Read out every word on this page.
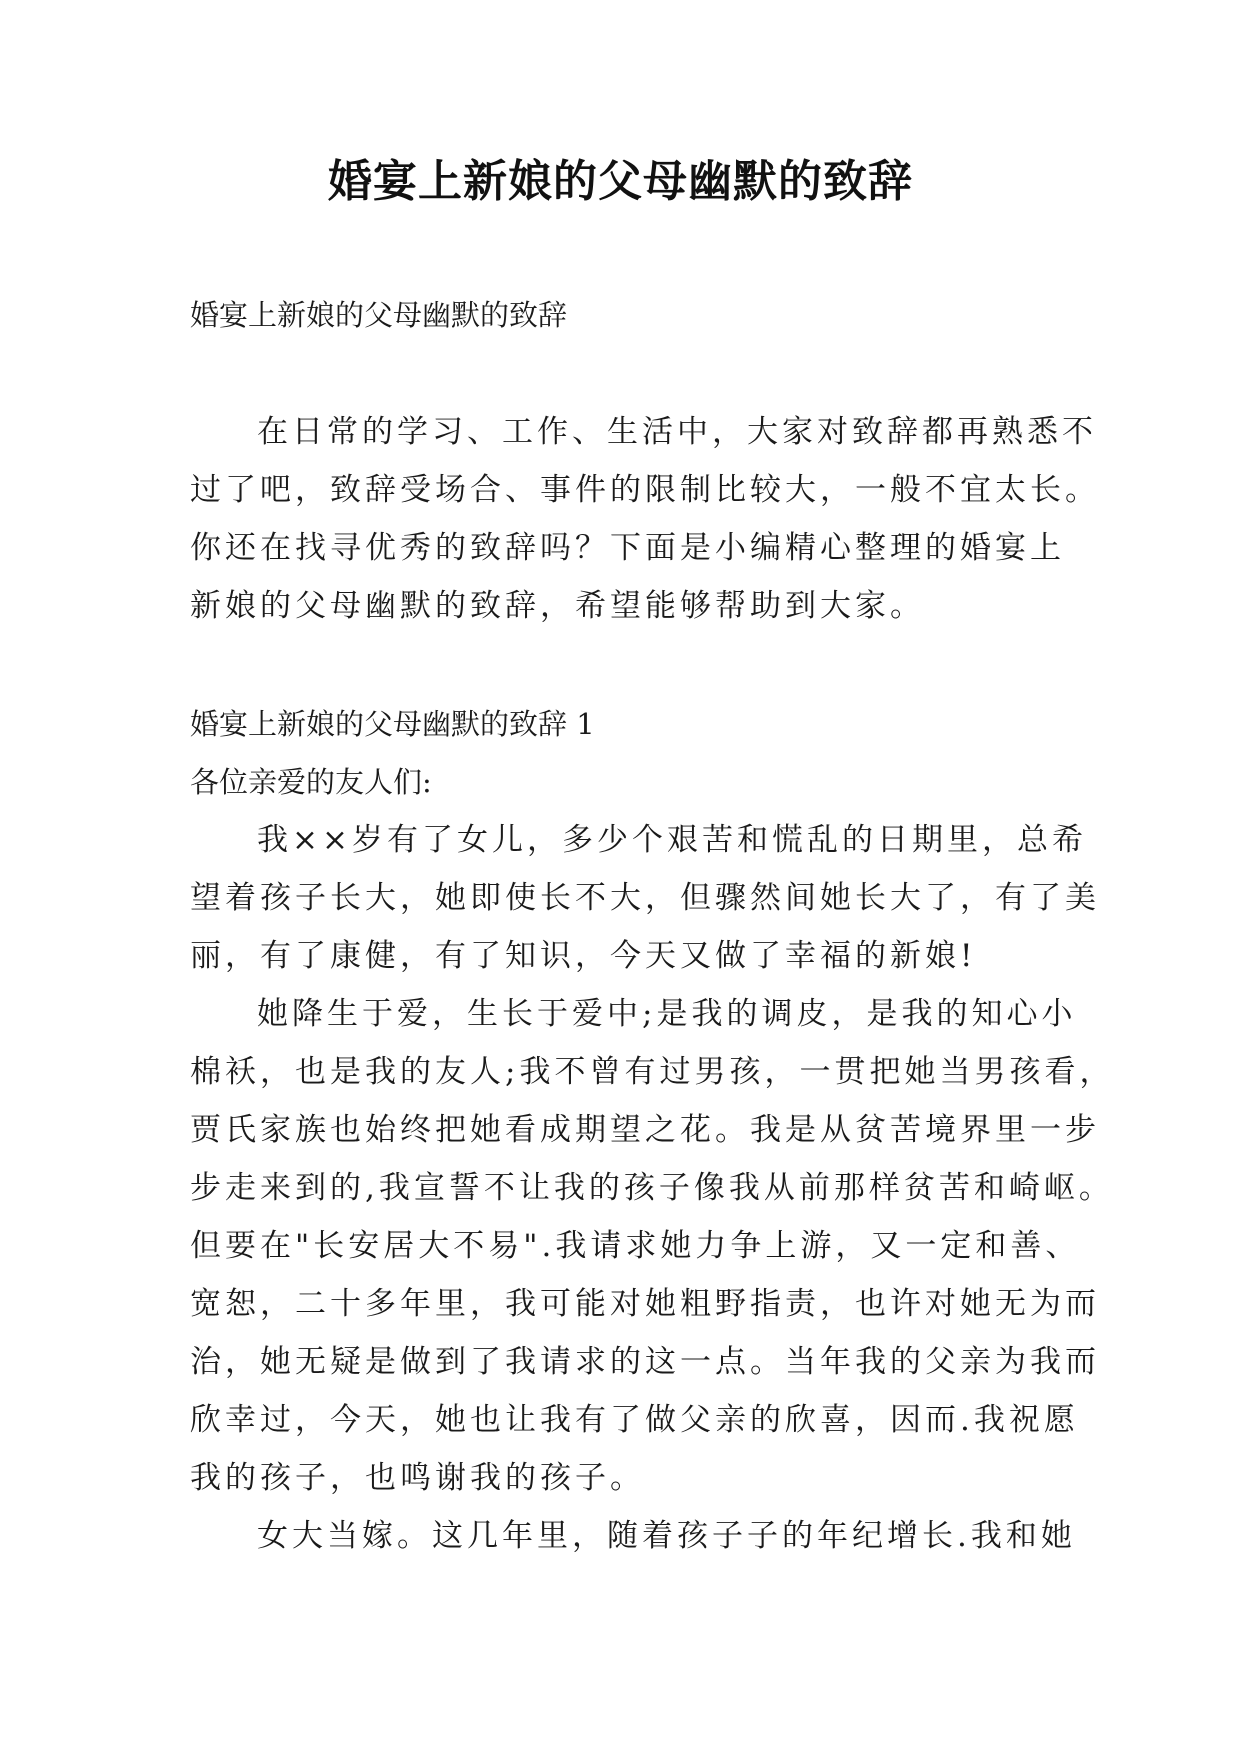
婚宴上新娘的父母幽默的致辞
婚宴上新娘的父母幽默的致辞
在日常的学习、工作、生活中，大家对致辞都再熟悉不
过了吧，致辞受场合、事件的限制比较大，一般不宜太长。
你还在找寻优秀的致辞吗？下面是小编精心整理的婚宴上
新娘的父母幽默的致辞，希望能够帮助到大家。
婚宴上新娘的父母幽默的致辞 1
各位亲爱的友人们:
我××岁有了女儿，多少个艰苦和慌乱的日期里，总希
望着孩子长大，她即使长不大，但骤然间她长大了，有了美
丽，有了康健，有了知识，今天又做了幸福的新娘!
她降生于爱，生长于爱中;是我的调皮，是我的知心小
棉袄，也是我的友人;我不曾有过男孩，一贯把她当男孩看，
贾氏家族也始终把她看成期望之花。我是从贫苦境界里一步
步走来到的,我宣誓不让我的孩子像我从前那样贫苦和崎岖。
但要在"长安居大不易".我请求她力争上游，又一定和善、
宽恕，二十多年里，我可能对她粗野指责，也许对她无为而
治，她无疑是做到了我请求的这一点。当年我的父亲为我而
欣幸过，今天，她也让我有了做父亲的欣喜，因而.我祝愿
我的孩子，也鸣谢我的孩子。
女大当嫁。这几年里，随着孩子子的年纪增长.我和她
